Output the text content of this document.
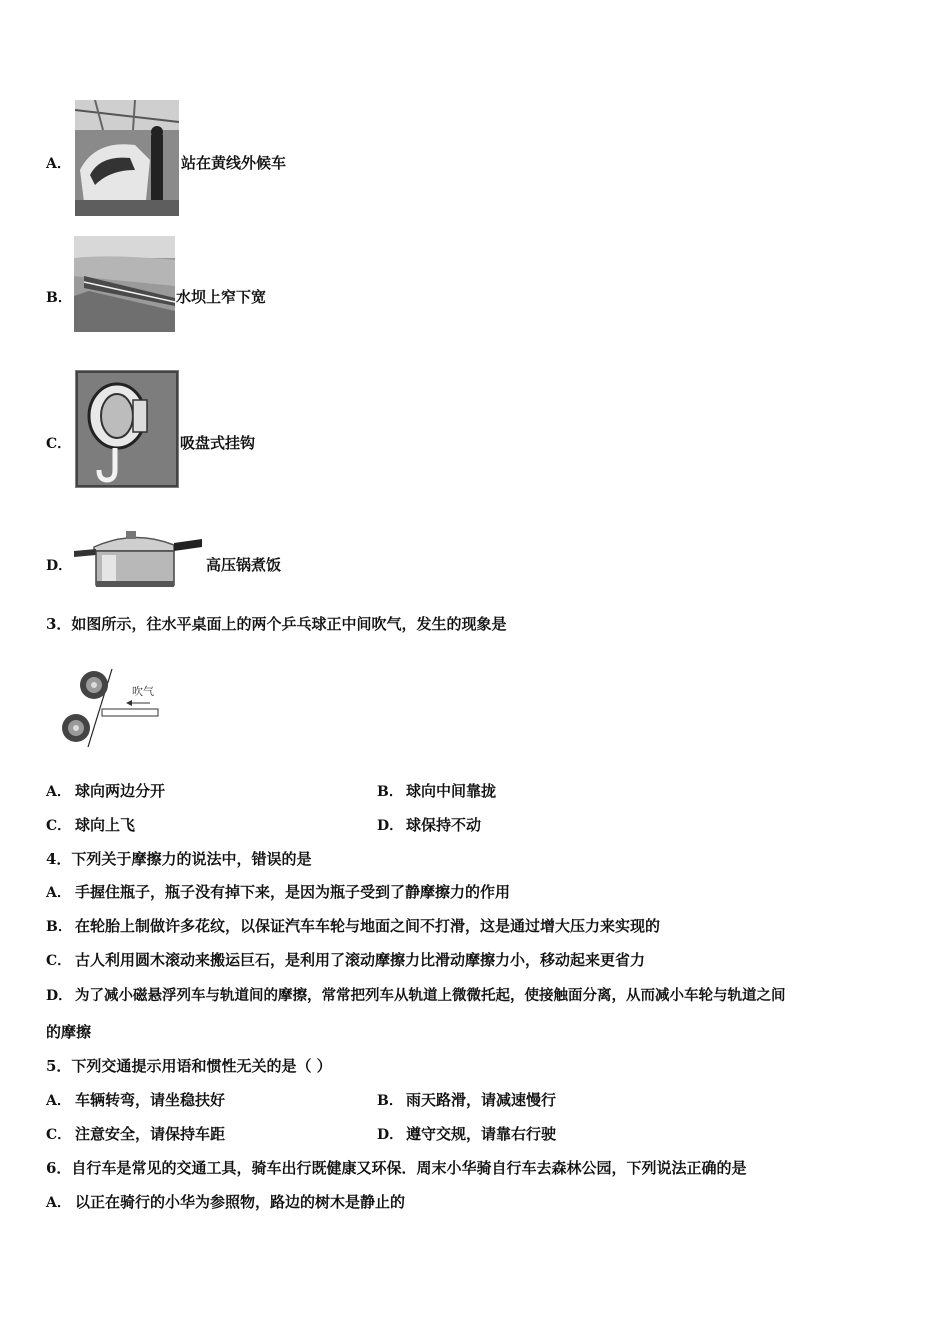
A．	站在黄线外候车
B．	水坝上窄下宽
C．	吸盘式挂钩
D．	高压锅煮饭
3．如图所示，往水平桌面上的两个乒乓球正中间吹气，发生的现象是
吹气
A． 球向两边分开	B． 球向中间靠拢
C． 球向上飞	D． 球保持不动
4．下列关于摩擦力的说法中，错误的是
A． 手握住瓶子，瓶子没有掉下来，是因为瓶子受到了静摩擦力的作用
B． 在轮胎上制做许多花纹，以保证汽车车轮与地面之间不打滑，这是通过增大压力来实现的
C． 古人利用圆木滚动来搬运巨石，是利用了滚动摩擦力比滑动摩擦力小，移动起来更省力
D． 为了减小磁悬浮列车与轨道间的摩擦，常常把列车从轨道上微微托起，使接触面分离，从而减小车轮与轨道之间
的摩擦
5．下列交通提示用语和惯性无关的是（ ）
A． 车辆转弯，请坐稳扶好	B． 雨天路滑，请减速慢行
C． 注意安全，请保持车距	D． 遵守交规，请靠右行驶
6．自行车是常见的交通工具，骑车出行既健康又环保．周末小华骑自行车去森林公园，下列说法正确的是
A． 以正在骑行的小华为参照物，路边的树木是静止的
